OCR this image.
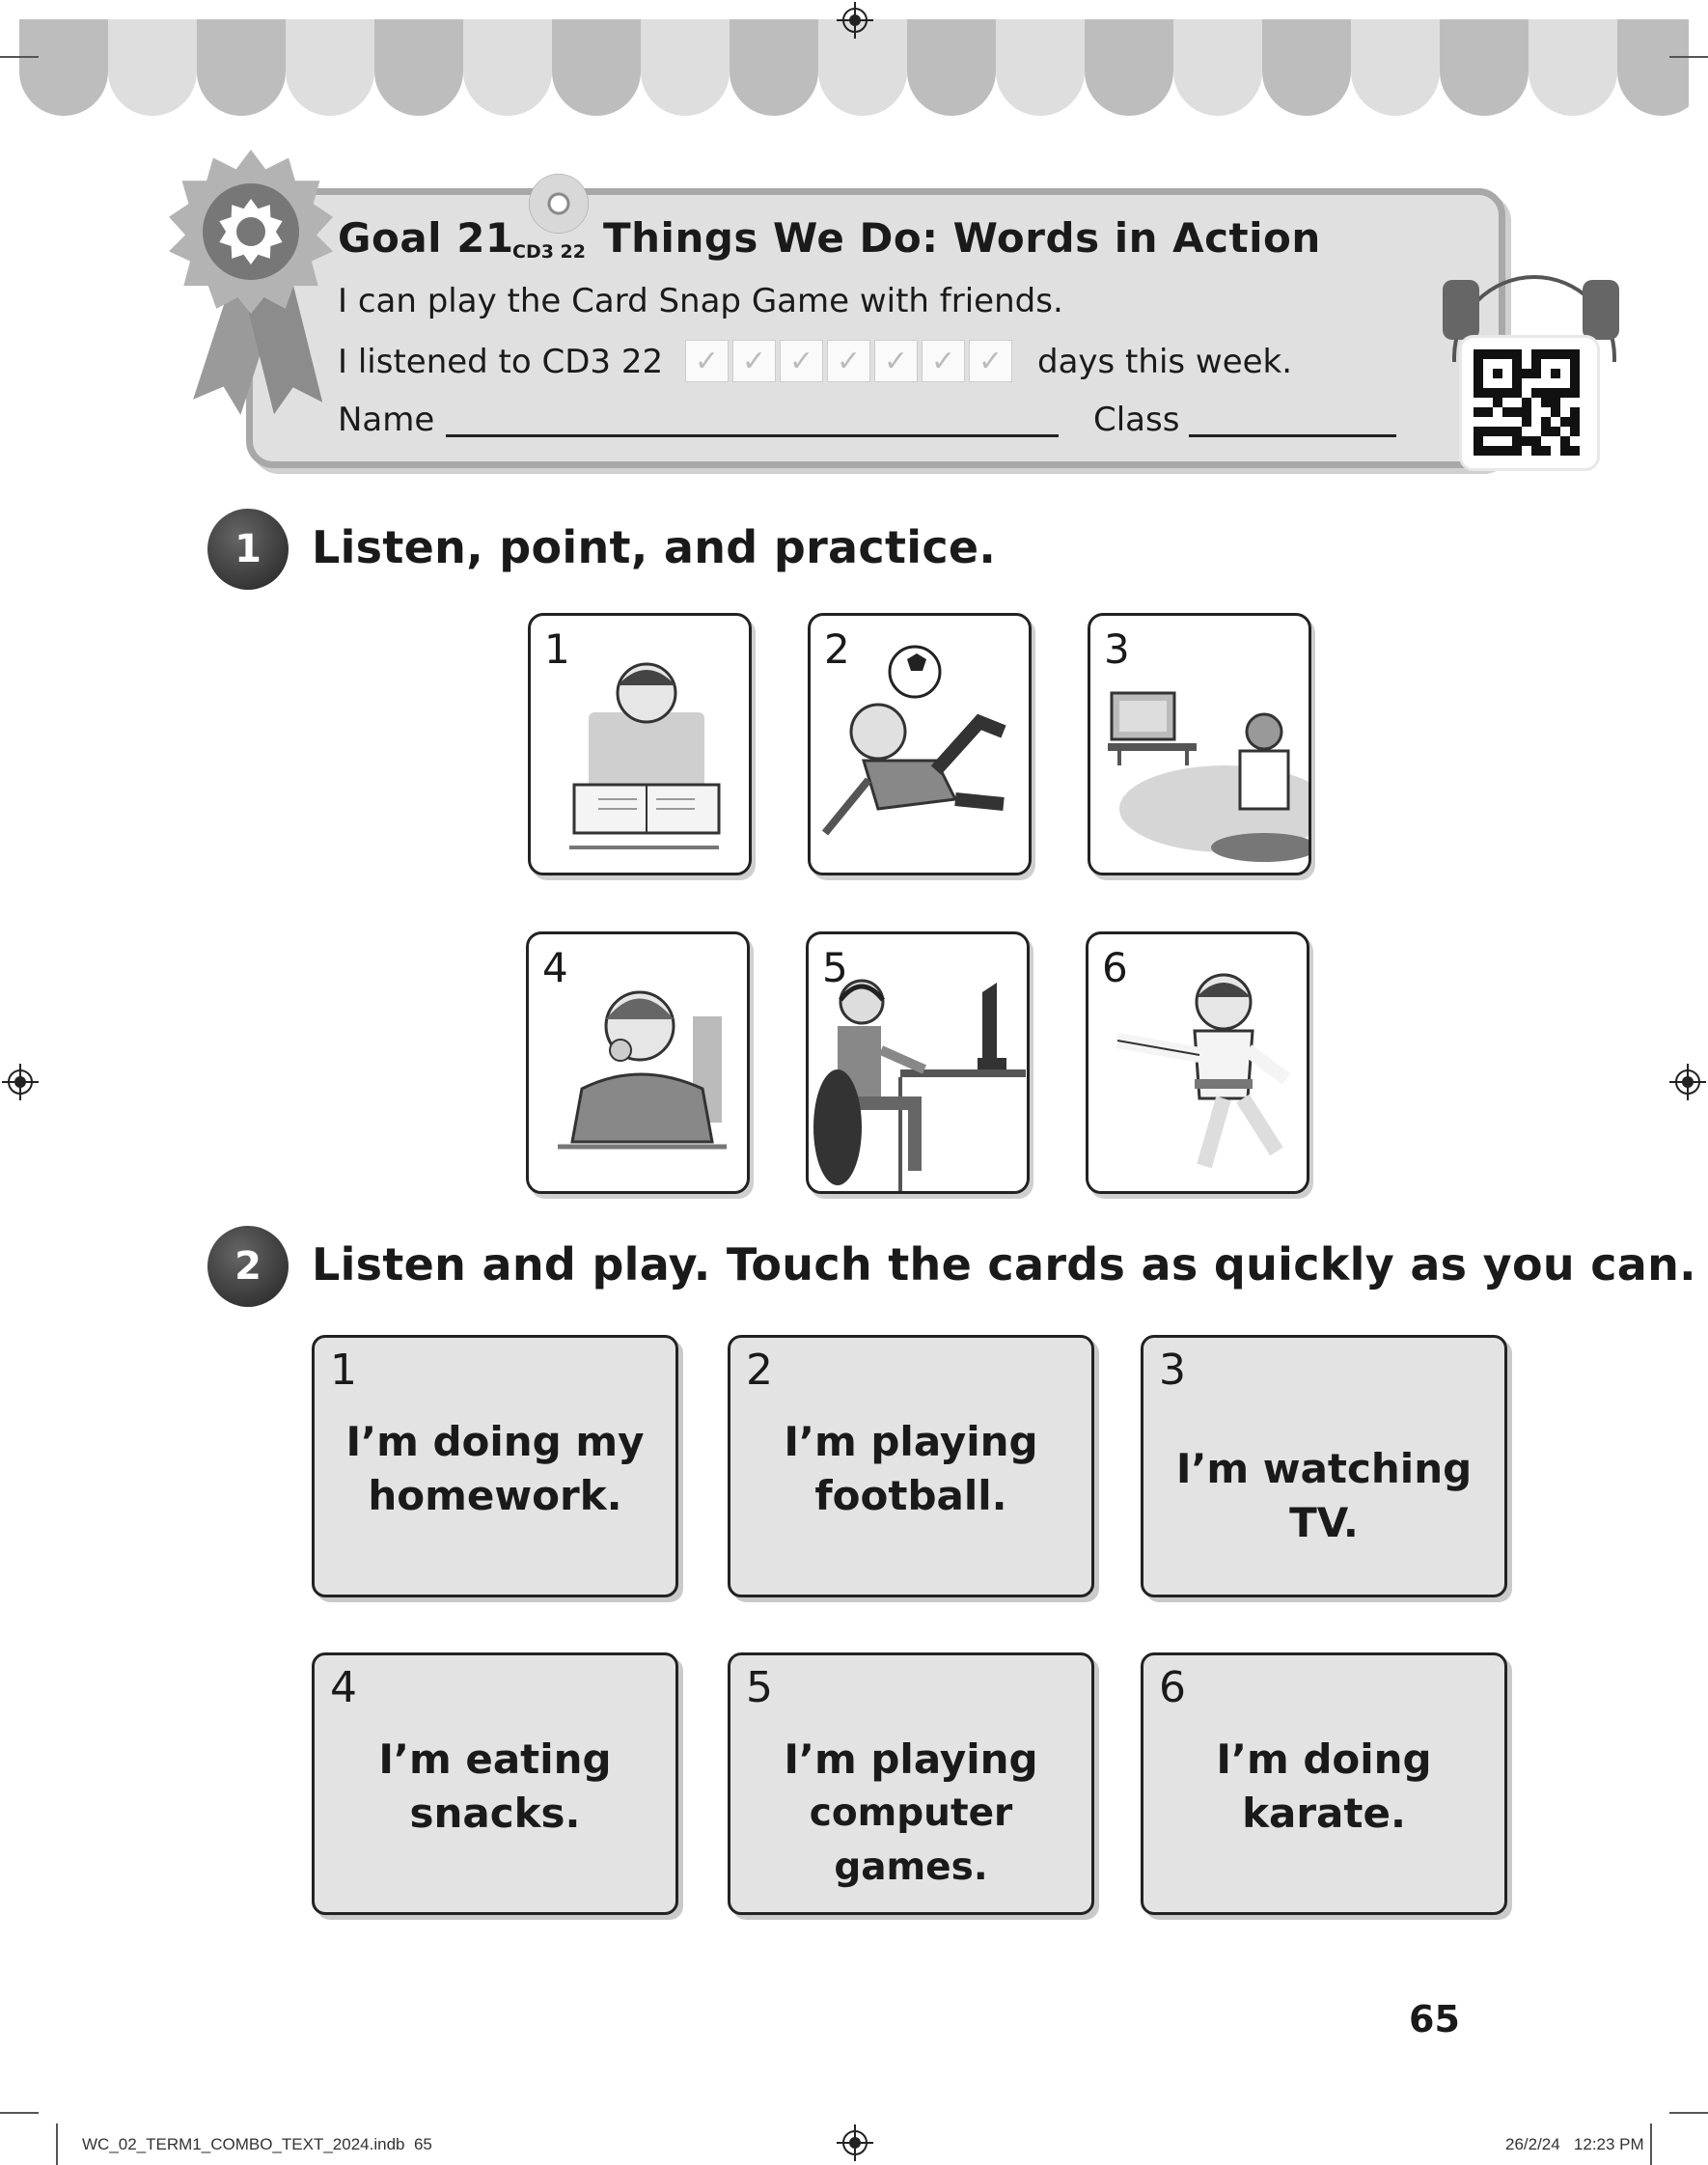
Goal 21
CD3 22 Things We Do: Words in Action
I can play the Card Snap Game with friends.
I listened to CD3 22	✓ ✓ ✓ ✓ ✓ ✓ ✓ days this week.
Name	Class
1	Listen, point, and practice.
1	2	3
4	5	6
2	Listen and play. Touch the cards as quickly as you can.
1
I’m doing my
homework.
2
I’m playing
football.
3
I’m watching TV.
4
I’m eating
snacks.
5
I’m playing
computer games.
6
I’m doing
karate.
65
WC_02_TERM1_COMBO_TEXT_2024.indb 65	26/2/24 12:23 PM
